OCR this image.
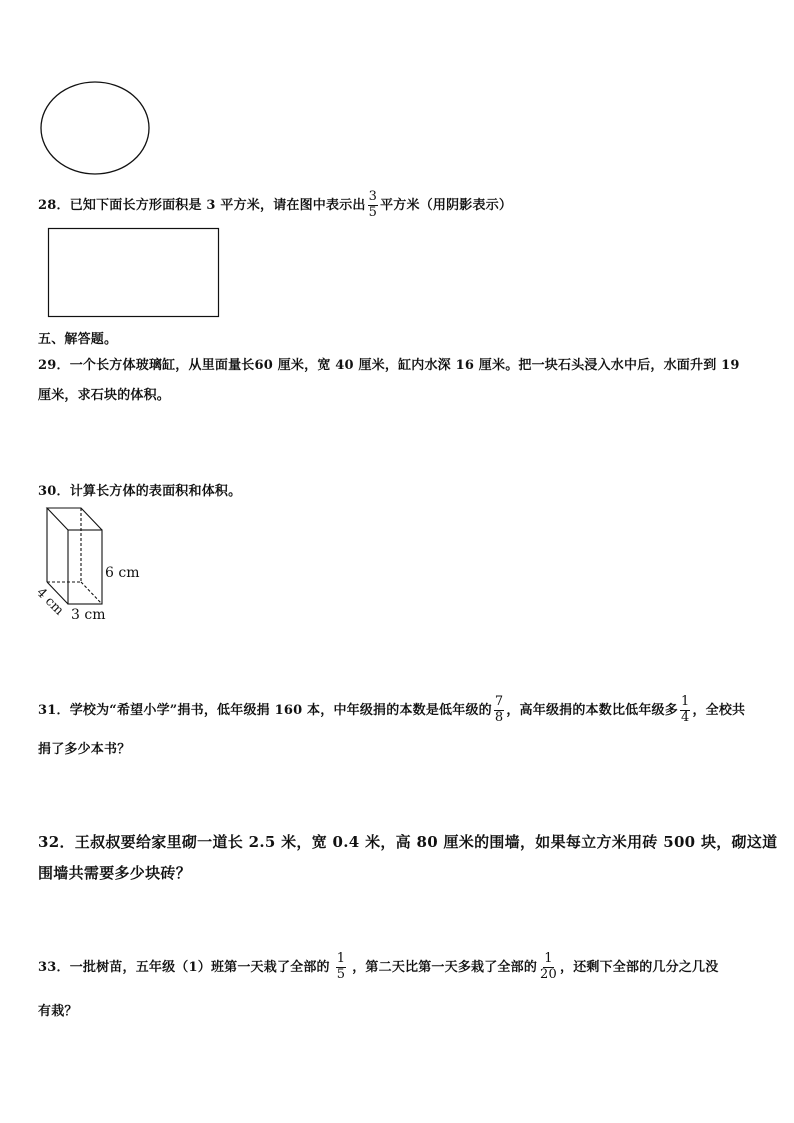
28．已知下面长方形面积是 3 平方米，请在图中表示出 $\frac{3}{5}$ 平方米（用阴影表示）
五、解答题。
29．一个长方体玻璃缸，从里面量长60 厘米，宽 40 厘米，缸内水深 16 厘米。把一块石头浸入水中后，水面升到 19
厘米，求石块的体积。
30．计算长方体的表面积和体积。
6 cm
3 cm
4 cm
31．学校为“希望小学”捐书，低年级捐 160 本，中年级捐的本数是低年级的 $\frac{7}{8}$ ，高年级捐的本数比低年级多 $\frac{1}{4}$ ，全校共
捐了多少本书？
32．王叔叔要给家里砌一道长 2.5 米，宽 0.4 米，高 80 厘米的围墙，如果每立方米用砖 500 块，砌这道
围墙共需要多少块砖？
33．一批树苗，五年级（1）班第一天栽了全部的 $\frac{1}{5}$ ，第二天比第一天多栽了全部的 $\frac{1}{20}$ ，还剩下全部的几分之几没
有栽？
